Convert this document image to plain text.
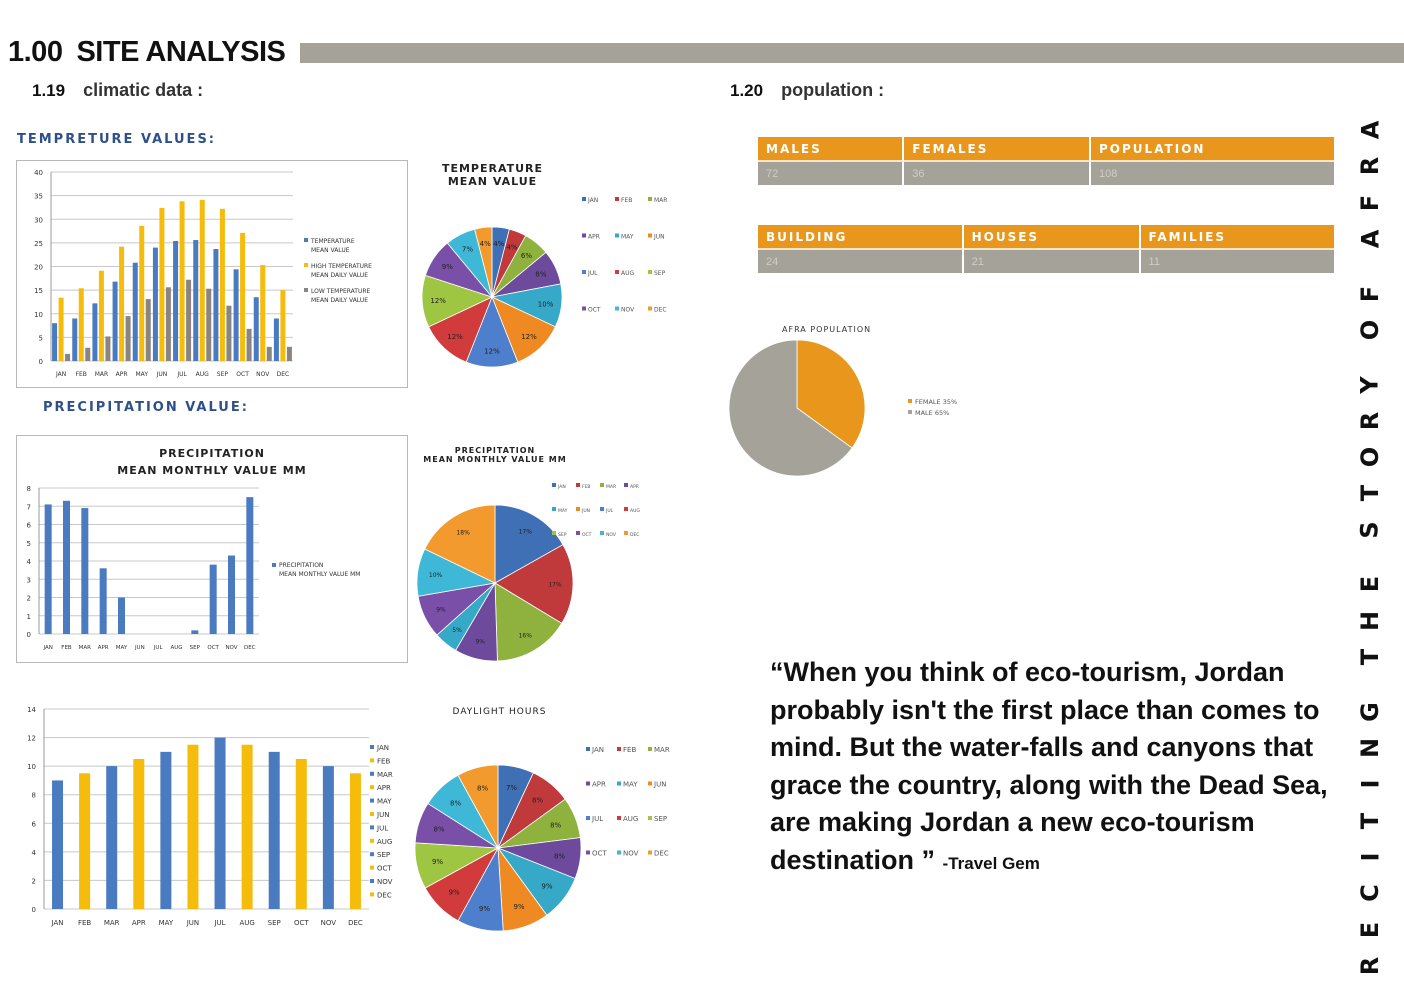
1.00 SITE ANALYSIS
1.19 climatic data :	1.20 population :
TEMPRETURE VALUES:
PRECIPITATION VALUE:
0
5
10
15
20
25
30
35
40
JAN FEB MAR APR MAY JUN JUL AUG SEP OCT NOV DEC
TEMPERATURE
MEAN VALUE
HIGH TEMPERATURE
MEAN DAILY VALUE
LOW TEMPERATURE
MEAN DAILY VALUE
TEMPERATURE
MEAN VALUE
4% 4%
6%
8%
10%
12%
12%
12%
12%
9%
7%
4%
JAN	FEB	MAR
APR	MAY	JUN
JUL	AUG	SEP
OCT	NOV	DEC
PRECIPITATION
MEAN MONTHLY VALUE MM
0
1
2
3
4
5
6
7
8
JAN FEB MAR APR MAY JUN JUL AUG SEP OCT NOV DEC
PRECIPITATION
MEAN MONTHLY VALUE MM
PRECIPITATION
MEAN MONTHLY VALUE MM
17%
17%
16%
9%
5%
9%
10%
18%
JAN	FEB	MAR	APR
MAY	JUN	JUL	AUG
SEP	OCT	NOV	DEC
0
2
4
6
8
10
12
14
JAN FEB MAR APR MAY JUN JUL AUG SEP OCT NOV DEC
JAN
FEB
MAR
APR
MAY
JUN
JUL
AUG
SEP
OCT
NOV
DEC
DAYLIGHT HOURS
7%
8%
8%
8%
9%
9%
9%
9%
9%
8%
8%
8%
JAN	FEB	MAR
APR MAY JUN
JUL	AUG SEP
OCT NOV DEC
MALES	FEMALES	POPULATION
72	36	108
BUILDING	HOUSES	FAMILIES
24	21	11
AFRA POPULATION
FEMALE 35%
MALE 65%
“When you think of eco-tourism, Jordan probably isn't the first place than comes to mind. But the water-falls and canyons that grace the country, along with the Dead Sea, are making Jordan a new eco-tourism destination ” -Travel Gem
A
R
F
A

F
O

Y
R
O
T
S

E
H
T

G
N
I
T
I
C
E
R
